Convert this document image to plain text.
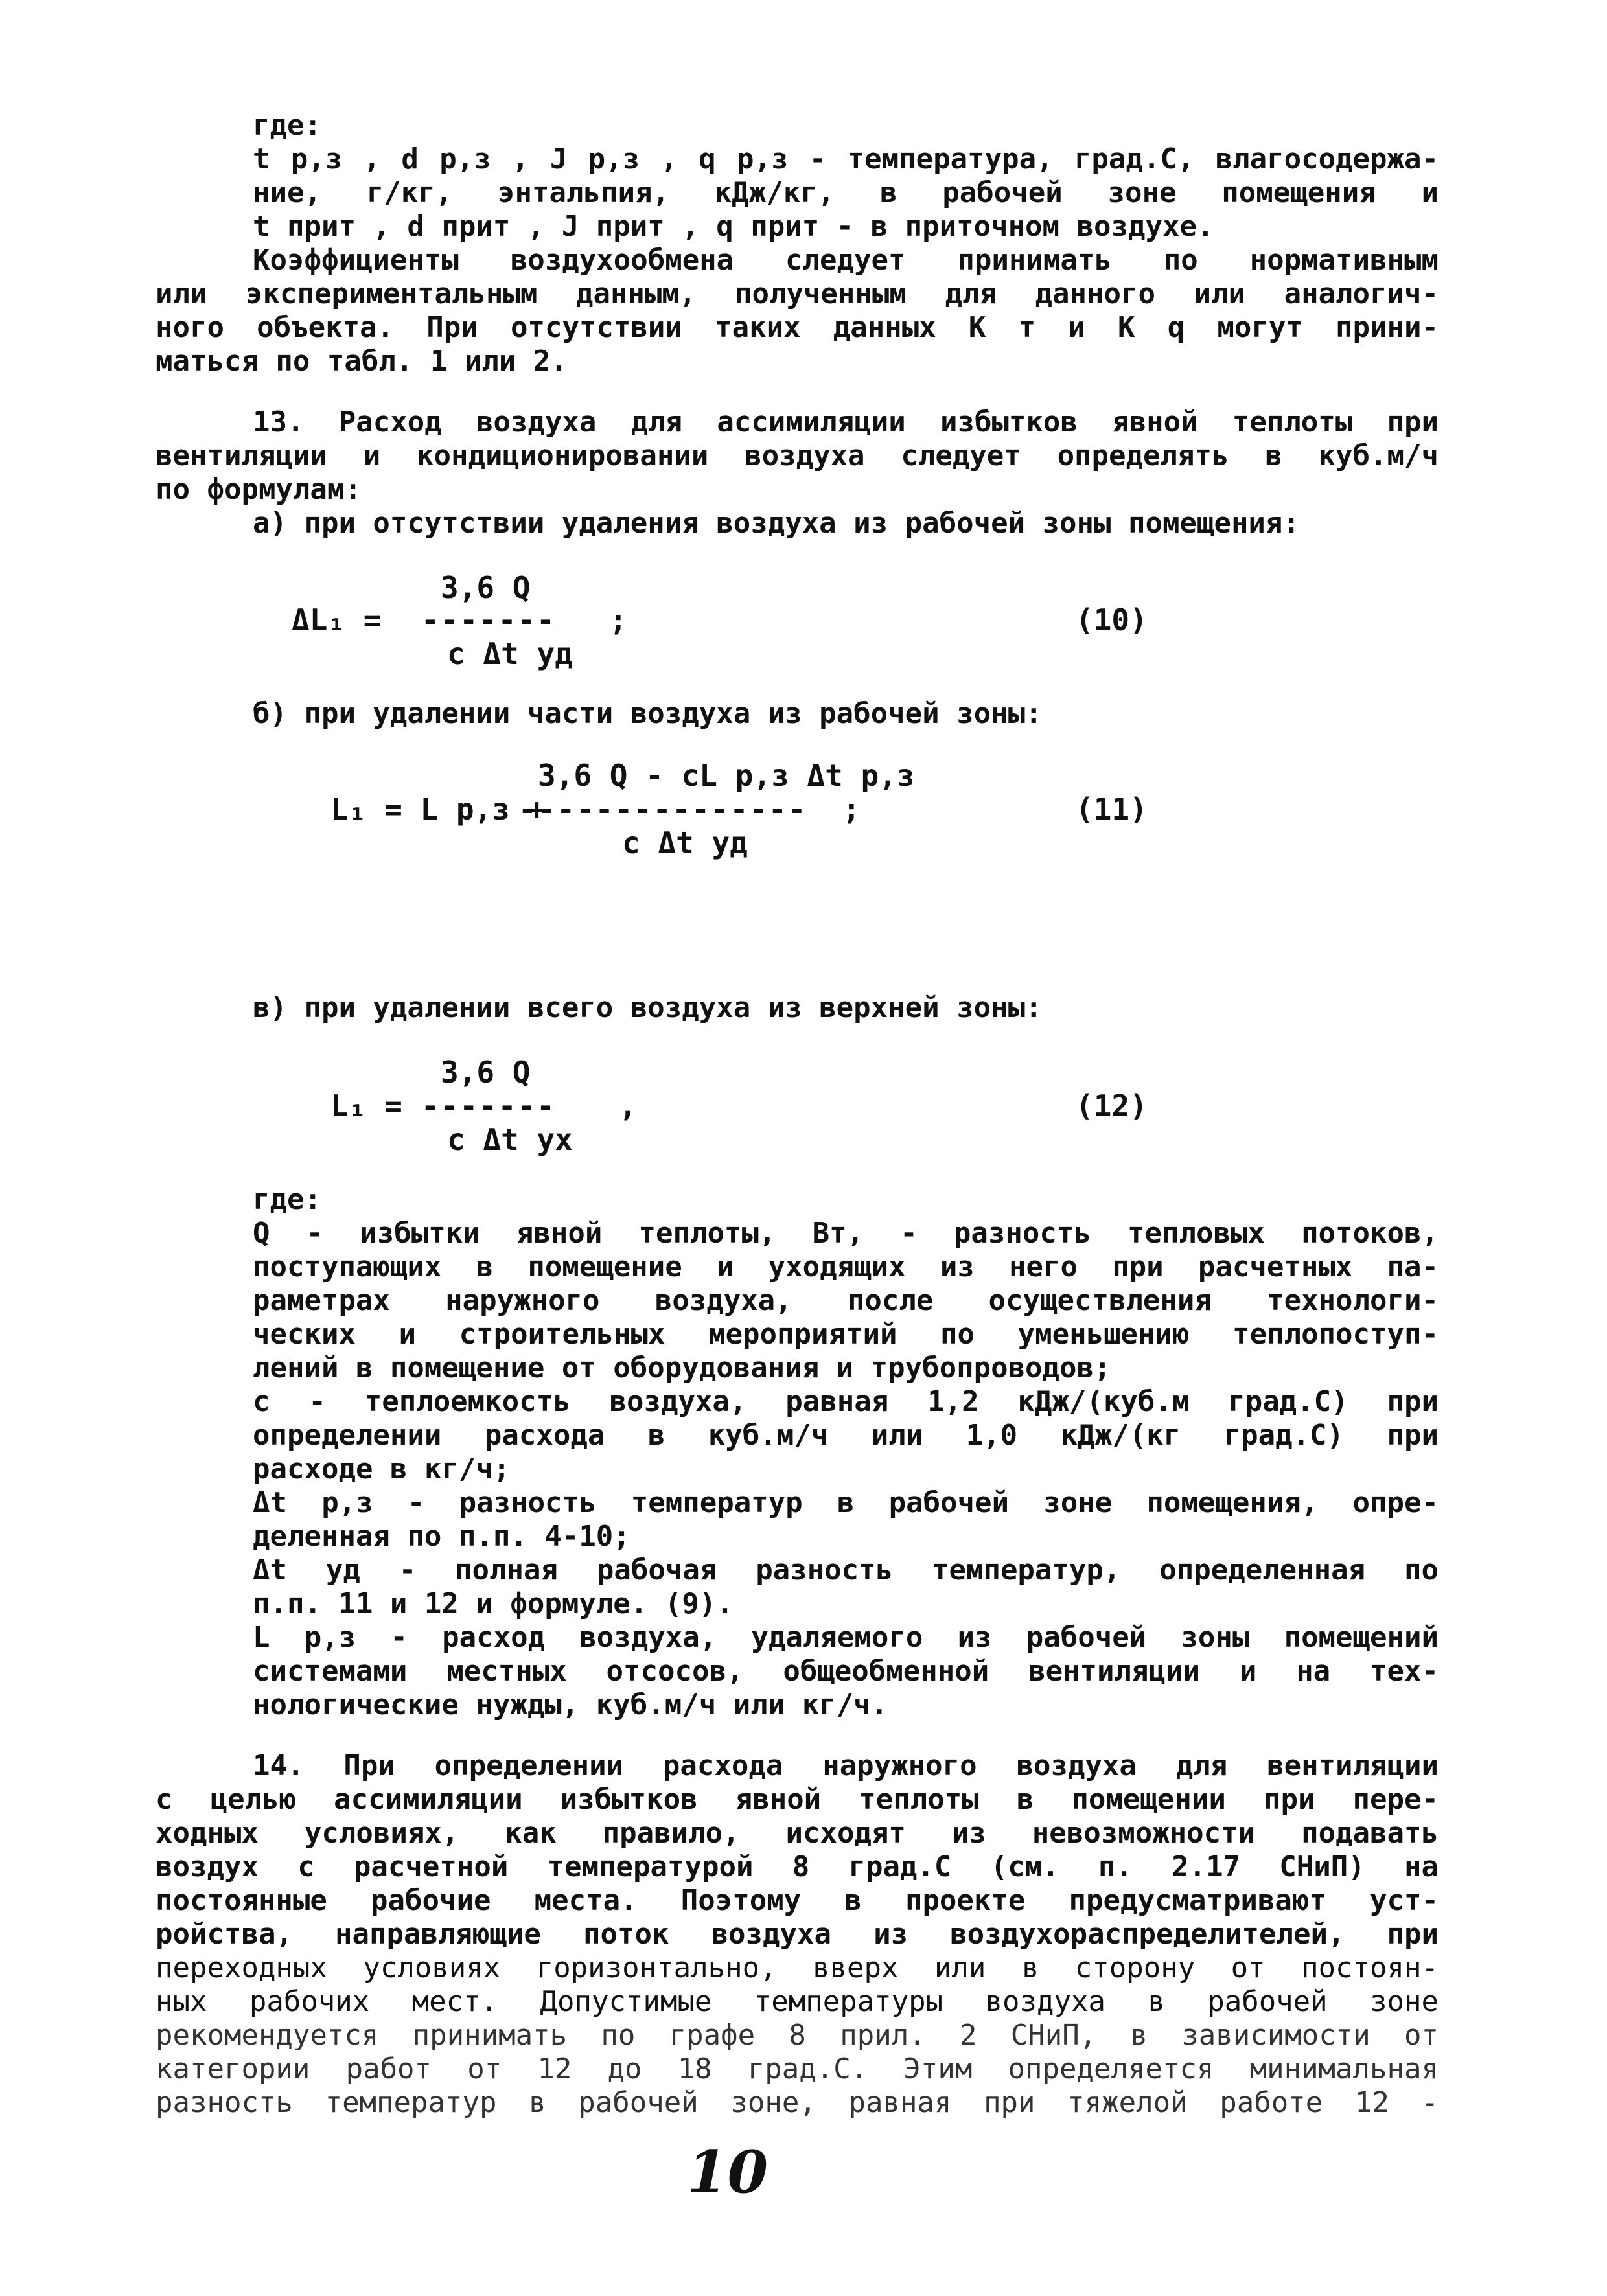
где:
t р,з , d р,з , J р,з , q р,з - температура, град.С, влагосодержа-
ние, г/кг, энтальпия, кДж/кг, в рабочей зоне помещения и
t прит , d прит , J прит , q прит - в приточном воздухе.
Коэффициенты воздухообмена следует принимать по нормативным
или экспериментальным данным, полученным для данного или аналогич-
ного объекта. При отсутствии таких данных K т и K q могут прини-
маться по табл. 1 или 2.
13. Расход воздуха для ассимиляции избытков явной теплоты при
вентиляции и кондиционировании воздуха следует определять в куб.м/ч
по формулам:
а) при отсутствии удаления воздуха из рабочей зоны помещения:
3,6 Q
ΔL₁ = ------- ;
c Δt уд
(10)
б) при удалении части воздуха из рабочей зоны:
3,6 Q - cL р,з Δt р,з
L₁ = L р,з +
--------------- ;
c Δt уд
(11)
в) при удалении всего воздуха из верхней зоны:
3,6 Q
L₁ = ------- ,
c Δt ух
(12)
где:
Q - избытки явной теплоты, Вт, - разность тепловых потоков,
поступающих в помещение и уходящих из него при расчетных па-
раметрах наружного воздуха, после осуществления технологи-
ческих и строительных мероприятий по уменьшению теплопоступ-
лений в помещение от оборудования и трубопроводов;
c - теплоемкость воздуха, равная 1,2 кДж/(куб.м град.С) при
определении расхода в куб.м/ч или 1,0 кДж/(кг град.С) при
расходе в кг/ч;
Δt р,з - разность температур в рабочей зоне помещения, опре-
деленная по п.п. 4-10;
Δt уд - полная рабочая разность температур, определенная по
п.п. 11 и 12 и формуле. (9).
L р,з - расход воздуха, удаляемого из рабочей зоны помещений
системами местных отсосов, общеобменной вентиляции и на тех-
нологические нужды, куб.м/ч или кг/ч.
14. При определении расхода наружного воздуха для вентиляции
с целью ассимиляции избытков явной теплоты в помещении при пере-
ходных условиях, как правило, исходят из невозможности подавать
воздух с расчетной температурой 8 град.С (см. п. 2.17 СНиП) на
постоянные рабочие места. Поэтому в проекте предусматривают уст-
ройства, направляющие поток воздуха из воздухораспределителей, при
переходных условиях горизонтально, вверх или в сторону от постоян-
ных рабочих мест. Допустимые температуры воздуха в рабочей зоне
рекомендуется принимать по графе 8 прил. 2 СНиП, в зависимости от
категории работ от 12 до 18 град.С. Этим определяется минимальная
разность температур в рабочей зоне, равная при тяжелой работе 12 -
10
